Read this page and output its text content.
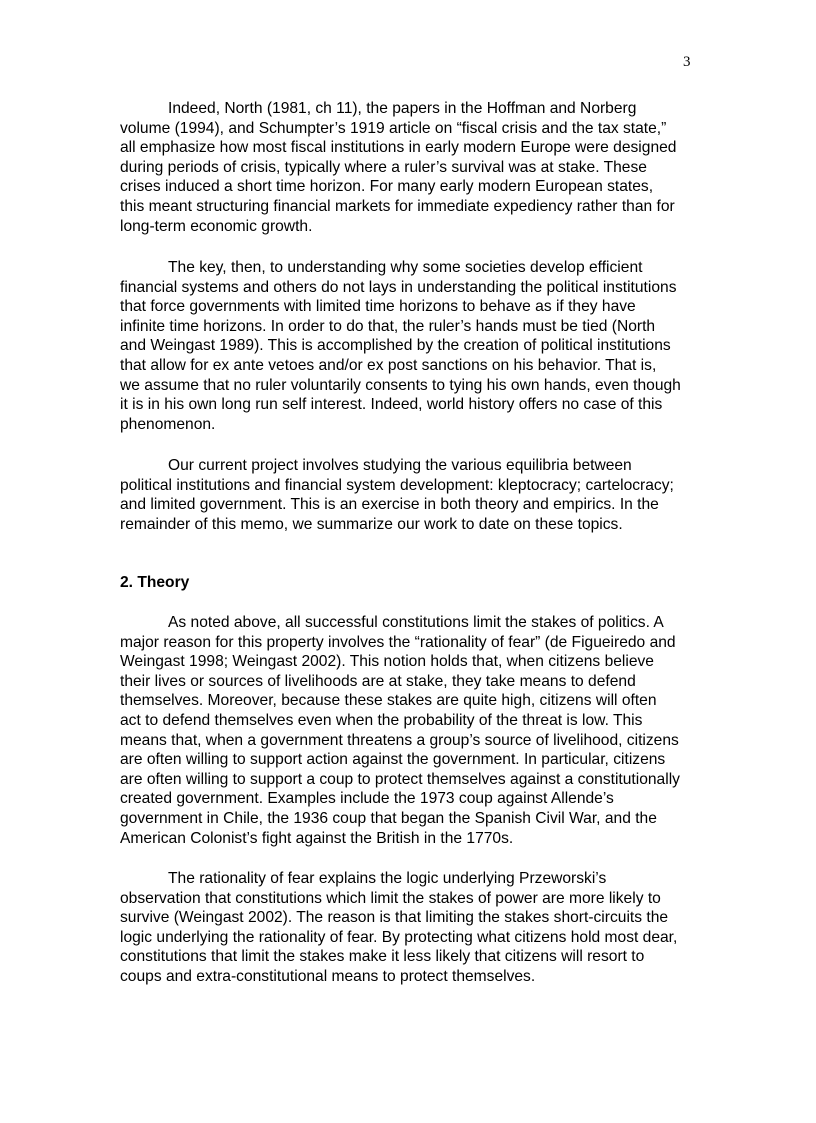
3
Indeed, North (1981, ch 11), the papers in the Hoffman and Norberg
volume (1994), and Schumpter’s 1919 article on “fiscal crisis and the tax state,”
all emphasize how most fiscal institutions in early modern Europe were designed
during periods of crisis, typically where a ruler’s survival was at stake. These
crises induced a short time horizon. For many early modern European states,
this meant structuring financial markets for immediate expediency rather than for
long-term economic growth.
The key, then, to understanding why some societies develop efficient
financial systems and others do not lays in understanding the political institutions
that force governments with limited time horizons to behave as if they have
infinite time horizons. In order to do that, the ruler’s hands must be tied (North
and Weingast 1989). This is accomplished by the creation of political institutions
that allow for ex ante vetoes and/or ex post sanctions on his behavior. That is,
we assume that no ruler voluntarily consents to tying his own hands, even though
it is in his own long run self interest. Indeed, world history offers no case of this
phenomenon.
Our current project involves studying the various equilibria between
political institutions and financial system development: kleptocracy; cartelocracy;
and limited government. This is an exercise in both theory and empirics. In the
remainder of this memo, we summarize our work to date on these topics.
2. Theory
As noted above, all successful constitutions limit the stakes of politics. A
major reason for this property involves the “rationality of fear” (de Figueiredo and
Weingast 1998; Weingast 2002). This notion holds that, when citizens believe
their lives or sources of livelihoods are at stake, they take means to defend
themselves. Moreover, because these stakes are quite high, citizens will often
act to defend themselves even when the probability of the threat is low. This
means that, when a government threatens a group’s source of livelihood, citizens
are often willing to support action against the government. In particular, citizens
are often willing to support a coup to protect themselves against a constitutionally
created government. Examples include the 1973 coup against Allende’s
government in Chile, the 1936 coup that began the Spanish Civil War, and the
American Colonist’s fight against the British in the 1770s.
The rationality of fear explains the logic underlying Przeworski’s
observation that constitutions which limit the stakes of power are more likely to
survive (Weingast 2002). The reason is that limiting the stakes short-circuits the
logic underlying the rationality of fear. By protecting what citizens hold most dear,
constitutions that limit the stakes make it less likely that citizens will resort to
coups and extra-constitutional means to protect themselves.
